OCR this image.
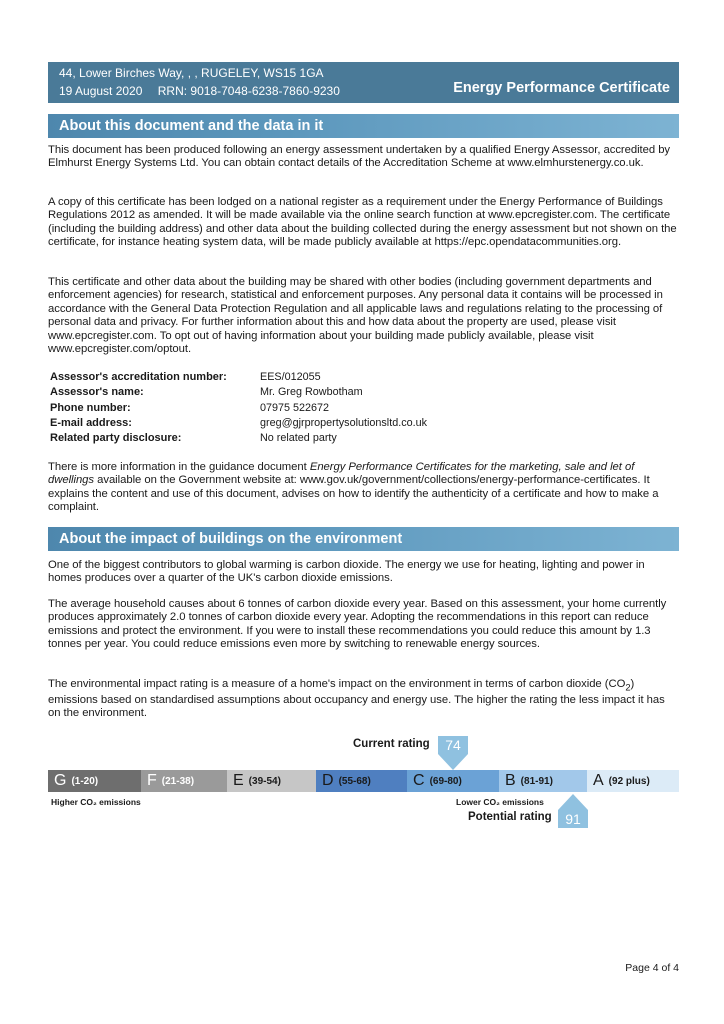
44, Lower Birches Way, , , RUGELEY, WS15 1GA
19 August 2020 RRN: 9018-7048-6238-7860-9230	Energy Performance Certificate
About this document and the data in it

This document has been produced following an energy assessment undertaken by a qualified Energy Assessor, accredited by Elmhurst Energy Systems Ltd. You can obtain contact details of the Accreditation Scheme at www.elmhurstenergy.co.uk.

A copy of this certificate has been lodged on a national register as a requirement under the Energy Performance of Buildings Regulations 2012 as amended. It will be made available via the online search function at www.epcregister.com. The certificate (including the building address) and other data about the building collected during the energy assessment but not shown on the certificate, for instance heating system data, will be made publicly available at https://epc.opendatacommunities.org.

This certificate and other data about the building may be shared with other bodies (including government departments and enforcement agencies) for research, statistical and enforcement purposes. Any personal data it contains will be processed in accordance with the General Data Protection Regulation and all applicable laws and regulations relating to the processing of personal data and privacy. For further information about this and how data about the property are used, please visit www.epcregister.com. To opt out of having information about your building made publicly available, please visit www.epcregister.com/optout.

Assessor's accreditation number:	EES/012055
Assessor's name:	Mr. Greg Rowbotham
Phone number:	07975 522672
E-mail address:	greg@gjrpropertysolutionsltd.co.uk
Related party disclosure:	No related party

There is more information in the guidance document Energy Performance Certificates for the marketing, sale and let of dwellings available on the Government website at: www.gov.uk/government/collections/energy-performance-certificates. It explains the content and use of this document, advises on how to identify the authenticity of a certificate and how to make a complaint.

About the impact of buildings on the environment

One of the biggest contributors to global warming is carbon dioxide. The energy we use for heating, lighting and power in homes produces over a quarter of the UK's carbon dioxide emissions.

The average household causes about 6 tonnes of carbon dioxide every year. Based on this assessment, your home currently produces approximately 2.0 tonnes of carbon dioxide every year. Adopting the recommendations in this report can reduce emissions and protect the environment. If you were to install these recommendations you could reduce this amount by 1.3 tonnes per year. You could reduce emissions even more by switching to renewable energy sources.

The environmental impact rating is a measure of a home's impact on the environment in terms of carbon dioxide $(CO_2)$ emissions based on standardised assumptions about occupancy and energy use. The higher the rating the less impact it has on the environment.

Current rating	74
G (1-20)	F (21-38) E (39-54)	D (55-68)	C (69-80)	B (81-91)	A (92 plus)
Higher CO₂ emissions	Lower CO₂ emissions
91
Potential rating
Page 4 of 4
